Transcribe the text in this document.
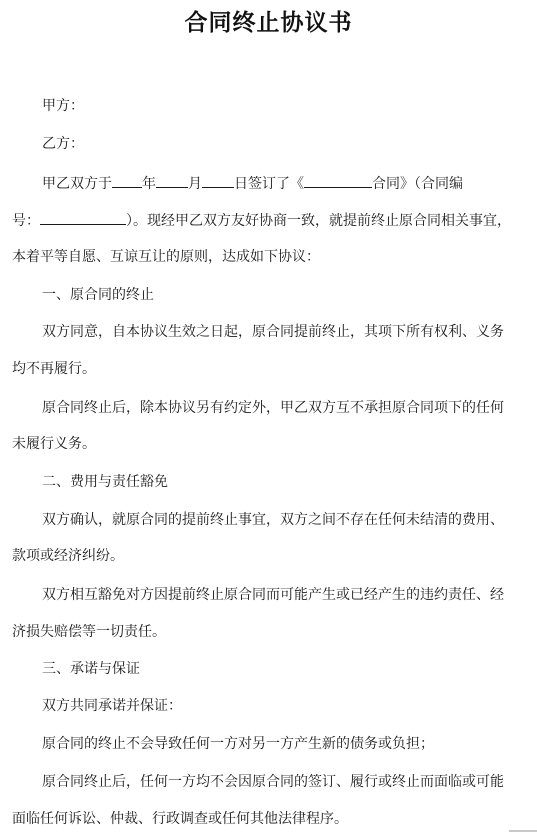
合同终止协议书
甲方：
乙方：
甲乙双方于 年 月 日签订了《	合同》（合同编
号：	）。现经甲乙双方友好协商一致，就提前终止原合同相关事宜，
本着平等自愿、互谅互让的原则，达成如下协议：
一、原合同的终止
双方同意，自本协议生效之日起，原合同提前终止，其项下所有权利、义务
均不再履行。
原合同终止后，除本协议另有约定外，甲乙双方互不承担原合同项下的任何
未履行义务。
二、费用与责任豁免
双方确认，就原合同的提前终止事宜，双方之间不存在任何未结清的费用、
款项或经济纠纷。
双方相互豁免对方因提前终止原合同而可能产生或已经产生的违约责任、经
济损失赔偿等一切责任。
三、承诺与保证
双方共同承诺并保证：
原合同的终止不会导致任何一方对另一方产生新的债务或负担；
原合同终止后，任何一方均不会因原合同的签订、履行或终止而面临或可能
面临任何诉讼、仲裁、行政调查或任何其他法律程序。
